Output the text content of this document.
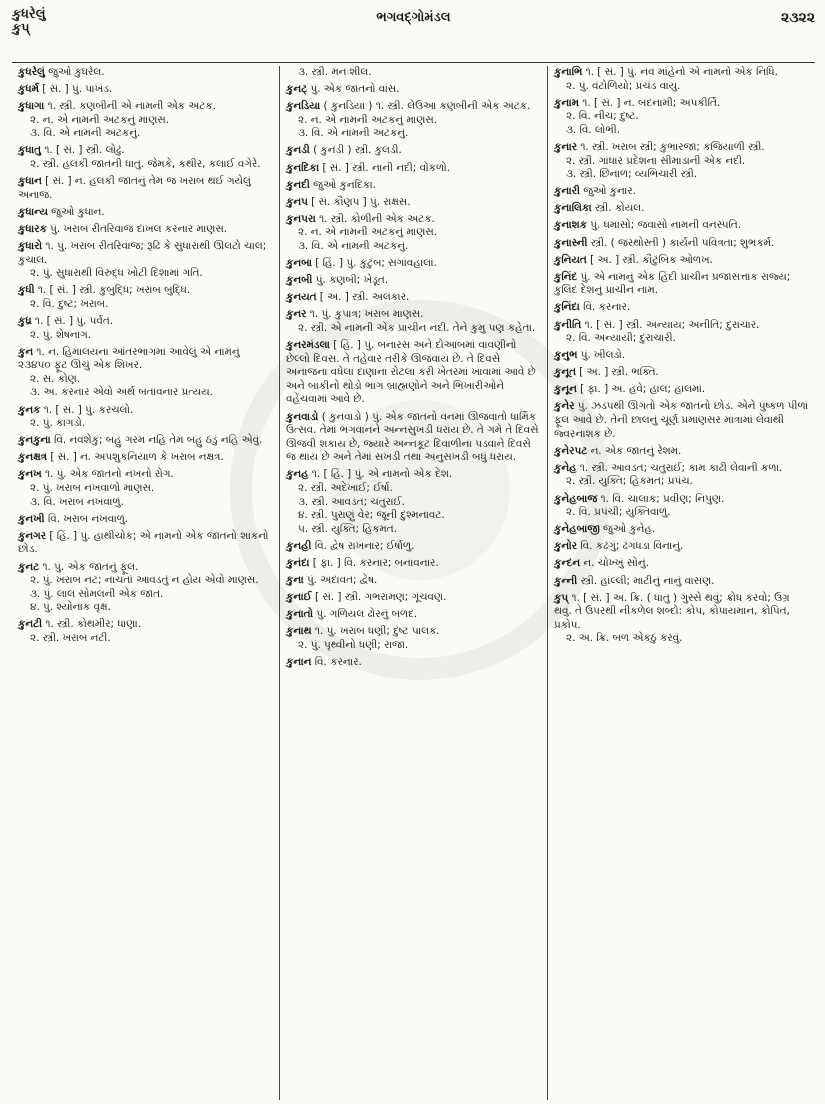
કુધરેલું
કુપ્
ભગવદ્ગોમંડલ	૨૩૨૨
કુધરેલું જુઓ કુધરેલ.
કુધર્મ [ સં. ] પું. પાખંડ.
કુધાગા ૧. સ્ત્રી. કણબીની એ નામની એક અટક.
૨. ન. એ નામની અટકનું માણસ.
૩. વિ. એ નામની અટકનું.
કુધાતુ ૧. [ સં. ] સ્ત્રી. લોઢું.
૨. સ્ત્રી. હલકી જાતની ધાતુ. જેમકે, કથીર, કલાઈ વગેરે.
કુધાન [ સં. ] ન. હલકી જાતનું તેમ જ ખરાબ થઈ ગયેલું અનાજ.
કુધાન્ય જુઓ કુધાન.
કુધારક પું. ખરાબ રીતરિવાજ દાખલ કરનાર માણસ.
કુધારો ૧. પું. ખરાબ રીતરિવાજ; રૂઢિ કે સુધારાથી ઊલટો ચાલ; કુચાલ.
૨. પું. સુધારાથી વિરુદ્ધ ખોટી દિશામાં ગતિ.
કુધી ૧. [ સં. ] સ્ત્રી. કુબુદ્ધિ; ખરાબ બુદ્ધિ.
૨. વિ. દુષ્ટ; ખરાબ.
કુધ્ર ૧. [ સં. ] પું. પર્વત.
૨. પું. શેષનાગ.
કુન ૧. ન. હિમાલયના આંતરભાગમાં આવેલું એ નામનું ૨૩૪૫૦ ફૂટ ઊંચું એક શિખર.
૨. સ. કોણ.
૩. અ. કરનાર એવો અર્થ બતાવનાર પ્રત્યય.
કુનક ૧. [ સં. ] પું. કરચલો.
૨. પું. કાગડો.
કુનકુના વિ. નવશેકું; બહુ ગરમ નહિ તેમ બહુ ઠંડું નહિ એવું.
કુનક્ષત્ર [ સં. ] ન. અપશુકનિયાળ કે ખરાબ નક્ષત્ર.
કુનખ ૧. પું. એક જાતનો નખનો રોગ.
૨. પું. ખરાબ નખવાળો માણસ.
૩. વિ. ખરાબ નખવાળું.
કુનખી વિ. ખરાબ નખવાળું.
કુનગર [ હિં. ] પું. હાથીચોક; એ નામનો એક જાતનો શાકનો છોડ.
કુનટ ૧. પું. એક જાતનું ફૂલ.
૨. પું. ખરાબ નટ; નાચતાં આવડતું ન હોય એવો માણસ.
૩. પું. લાલ સોમલની એક જાત.
૪. પું. શ્યોનાક વૃક્ષ.
કુનટી ૧. સ્ત્રી. કોથમીર; ધાણા.
૨. સ્ત્રી. ખરાબ નટી.
૩. સ્ત્રી. મનઃશીલ.
કુનટ્ પું. એક જાતનો વાંસ.
કુનડિયા ( કુનડિયા ) ૧. સ્ત્રી. લેઉઆ કણબીની એક અટક.
૨. ન. એ નામની અટકનું માણસ.
૩. વિ. એ નામની અટકનું.
કુનડી ( કુનડી ) સ્ત્રી. કુલડી.
કુનદિકા [ સં. ] સ્ત્રી. નાની નદી; વોંકળો.
કુનદી જુઓ કુનદિકા.
કુનપ [ સં. કૌણપ ] પું. રાક્ષસ.
કુનપરા ૧. સ્ત્રી. કોળીની એક અટક.
૨. ન. એ નામની અટકનું માણસ.
૩. વિ. એ નામની અટકનું.
કુનબા [ હિં. ] પું. કુટુંબ; સગાંવહાલાં.
કુનબી પું. કણબી; ખેડૂત.
કુનયત [ અ. ] સ્ત્રી. અલંકાર.
કુનર ૧. પું. કુપાત્ર; ખરાબ માણસ.
૨. સ્ત્રી. એ નામની એક પ્રાચીન નદી. તેને કુમુ પણ કહેતા.
કુનરમંડલા [ હિં. ] પું. બનારસ અને દોઆબમાં વાવણીનો છેલ્લો દિવસ. તે તહેવાર તરીકે ઊજવાય છે. તે દિવસે અનાજના વધેલા દાણાના રોટલા કરી ખેતરમાં ખાવામાં આવે છે અને બાકીનો થોડો ભાગ બ્રાહ્મણોને અને ભિખારીઓને વહેંચવામાં આવે છે.
કુનવાડો ( કુનવાડો ) પું. એક જાતનો વનમાં ઊજવાતો ધાર્મિક ઉત્સવ. તેમાં ભગવાનને અન્નસુખડી ધરાય છે. તે ગમે તે દિવસે ઊજવી શકાય છે, જ્યારે અન્નકૂટ દિવાળીના પડવાને દિવસે જ થાય છે અને તેમાં સખડી તથા અનુસખડી બધું ધરાય.
કુનહ ૧. [ હિં. ] પું. એ નામનો એક દેશ.
૨. સ્ત્રી. અદેખાઈ; ઈર્ષા.
૩. સ્ત્રી. આવડત; ચતુરાઈ.
૪. સ્ત્રી. પુરાણું વેર; જૂની દુશ્મનાવટ.
૫. સ્ત્રી. યુક્તિ; હિકમત.
કુનહી વિ. દ્વેષ રાખનાર; ઈર્ષાળુ.
કુનંદા [ ફા. ] વિ. કરનાર; બનાવનાર.
કુના પું. અદાવત; દ્વેષ.
કુનાઈ [ સં. ] સ્ત્રી. ગભરામણ; ગૂંચવણ.
કુનાતો પું. ગળિયલ ઢોરનું બળદ.
કુનાથ ૧. પું. ખરાબ ધણી; દુષ્ટ પાલક.
૨. પું. પૃથ્વીનો ધણી; રાજા.
કુનાન વિ. કરનાર.
કુનાભિ ૧. [ સં. ] પું. નવ માંહેનો એ નામનો એક નિધિ.
૨. પું. વંટોળિયો; પ્રચંડ વાયુ.
કુનામ ૧. [ સં. ] ન. બદનામી; અપકીર્તિ.
૨. વિ. નીચ; દુષ્ટ.
૩. વિ. લોભી.
કુનાર ૧. સ્ત્રી. ખરાબ સ્ત્રી; કુભારજા; કજિયાળી સ્ત્રી.
૨. સ્ત્રી. ગાંધાર પ્રદેશના સીમાડાની એક નદી.
૩. સ્ત્રી. છિનાળ; વ્યભિચારી સ્ત્રી.
કુનારી જુઓ કુનાર.
કુનાલિકા સ્ત્રી. કોયલ.
કુનાશક પું. ધમાસો; જવાસો નામની વનસ્પતિ.
કુનાસ્ની સ્ત્રી. ( જરથોસ્તી ) કાર્યની પવિત્રતા; શુભકર્મ.
કુનિયત [ અ. ] સ્ત્રી. કૌટુંબિક ઓળખ.
કુનિંદ પું. એ નામનું એક હિંદી પ્રાચીન પ્રજાસત્તાક રાજ્ય; કુલિંદ દેશનું પ્રાચીન નામ.
કુનિંદા વિ. કરનાર.
કુનીતિ ૧. [ સં. ] સ્ત્રી. અન્યાય; અનીતિ; દુરાચાર.
૨. વિ. અન્યાયી; દુરાચારી.
કુનુભ પું. ખીલડો.
કુનૂત [ અ. ] સ્ત્રી. ભક્તિ.
કુનૂન [ ફા. ] અ. હવે; હાલ; હાલમાં.
કુનેર પું. ઝડપથી ઊગતો એક જાતનો છોડ. એને પુષ્કળ પીળાં ફૂલ આવે છે. તેની છાલનું ચૂર્ણ પ્રમાણસર માત્રામાં લેવાથી જ્વરનાશક છે.
કુનેરપટ ન. એક જાતનું રેશમ.
કુનેહ ૧. સ્ત્રી. આવડત; ચતુરાઈ; કામ કાઢી લેવાની કળા.
૨. સ્ત્રી. યુક્તિ; હિકમત; પ્રપંચ.
કુનેહબાજ ૧. વિ. ચાલાક; પ્રવીણ; નિપુણ.
૨. વિ. પ્રપંચી; યુક્તિવાળું.
કુનેહબાજી જુઓ કુનેહ.
કુનોર વિ. કઢંગું; ઢંગધડા વિનાનું.
કુન્દન ન. ચોખ્ખું સોનું.
કુન્ની સ્ત્રી. હાંલ્લી; માટીનું નાનું વાસણ.
કુપ્ ૧. [ સં. ] અ. ક્રિ. ( ધાતુ ) ગુસ્સે થવું; ક્રોધ કરવો; ઉગ્ર થવું. તે ઉપરથી નીકળેલ શબ્દો: કોપ, કોપાયમાન, કોપિત, પ્રકોપ.
૨. અ. ક્રિ. બળ એકઠું કરવું.
